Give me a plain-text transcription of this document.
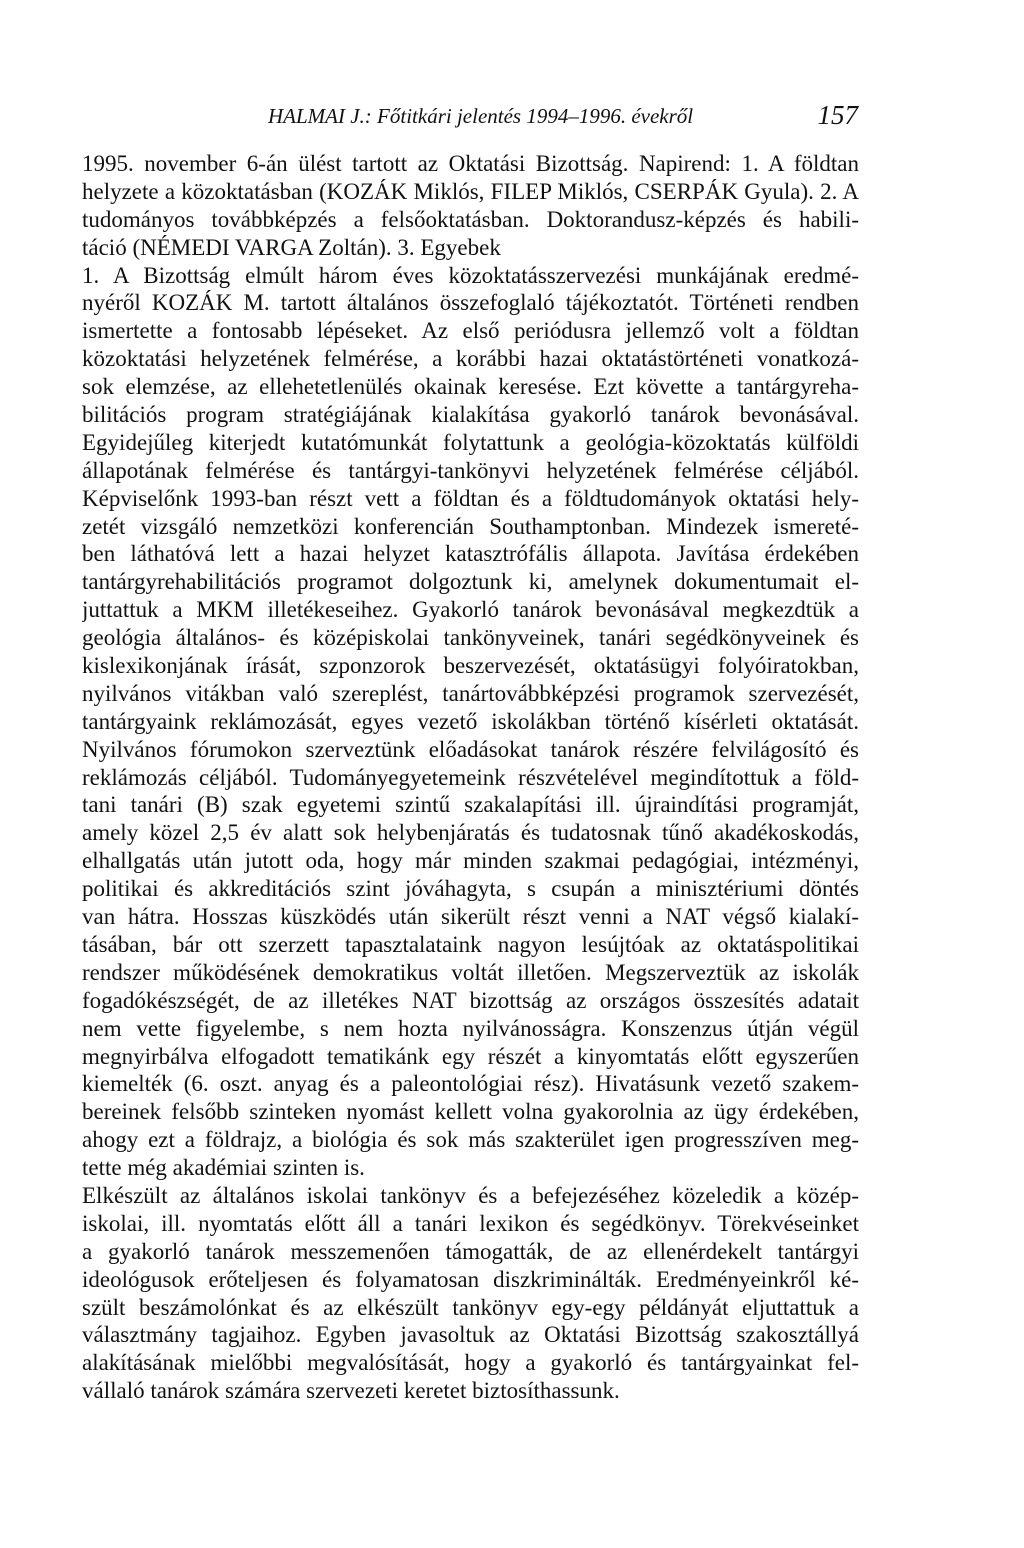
HALMAI J.: Főtitkári jelentés 1994–1996. évekről	157

1995. november 6-án ülést tartott az Oktatási Bizottság. Napirend: 1. A földtan
helyzete a közoktatásban (KOZÁK Miklós, FILEP Miklós, CSERPÁK Gyula). 2. A
tudományos továbbképzés a felsőoktatásban. Doktorandusz-képzés és habili-
táció (NÉMEDI VARGA Zoltán). 3. Egyebek

1. A Bizottság elmúlt három éves közoktatásszervezési munkájának eredmé-
nyéről KOZÁK M. tartott általános összefoglaló tájékoztatót. Történeti rendben
ismertette a fontosabb lépéseket. Az első periódusra jellemző volt a földtan
közoktatási helyzetének felmérése, a korábbi hazai oktatástörténeti vonatkozá-
sok elemzése, az ellehetetlenülés okainak keresése. Ezt követte a tantárgyreha-
bilitációs program stratégiájának kialakítása gyakorló tanárok bevonásával.
Egyidejűleg kiterjedt kutatómunkát folytattunk a geológia-közoktatás külföldi
állapotának felmérése és tantárgyi-tankönyvi helyzetének felmérése céljából.
Képviselőnk 1993-ban részt vett a földtan és a földtudományok oktatási hely-
zetét vizsgáló nemzetközi konferencián Southamptonban. Mindezek ismereté-
ben láthatóvá lett a hazai helyzet katasztrófális állapota. Javítása érdekében
tantárgyrehabilitációs programot dolgoztunk ki, amelynek dokumentumait el-
juttattuk a MKM illetékeseihez. Gyakorló tanárok bevonásával megkezdtük a
geológia általános- és középiskolai tankönyveinek, tanári segédkönyveinek és
kislexikonjának írását, szponzorok beszervezését, oktatásügyi folyóiratokban,
nyilvános vitákban való szereplést, tanártovábbképzési programok szervezését,
tantárgyaink reklámozását, egyes vezető iskolákban történő kísérleti oktatását.
Nyilvános fórumokon szerveztünk előadásokat tanárok részére felvilágosító és
reklámozás céljából. Tudományegyetemeink részvételével megindítottuk a föld-
tani tanári (B) szak egyetemi szintű szakalapítási ill. újraindítási programját,
amely közel 2,5 év alatt sok helybenjáratás és tudatosnak tűnő akadékoskodás,
elhallgatás után jutott oda, hogy már minden szakmai pedagógiai, intézményi,
politikai és akkreditációs szint jóváhagyta, s csupán a minisztériumi döntés
van hátra. Hosszas küszködés után sikerült részt venni a NAT végső kialakí-
tásában, bár ott szerzett tapasztalataink nagyon lesújtóak az oktatáspolitikai
rendszer működésének demokratikus voltát illetően. Megszerveztük az iskolák
fogadókészségét, de az illetékes NAT bizottság az országos összesítés adatait
nem vette figyelembe, s nem hozta nyilvánosságra. Konszenzus útján végül
megnyirbálva elfogadott tematikánk egy részét a kinyomtatás előtt egyszerűen
kiemelték (6. oszt. anyag és a paleontológiai rész). Hivatásunk vezető szakem-
bereinek felsőbb szinteken nyomást kellett volna gyakorolnia az ügy érdekében,
ahogy ezt a földrajz, a biológia és sok más szakterület igen progresszíven meg-
tette még akadémiai szinten is.

Elkészült az általános iskolai tankönyv és a befejezéséhez közeledik a közép-
iskolai, ill. nyomtatás előtt áll a tanári lexikon és segédkönyv. Törekvéseinket
a gyakorló tanárok messzemenően támogatták, de az ellenérdekelt tantárgyi
ideológusok erőteljesen és folyamatosan diszkriminálták. Eredményeinkről ké-
szült beszámolónkat és az elkészült tankönyv egy-egy példányát eljuttattuk a
választmány tagjaihoz. Egyben javasoltuk az Oktatási Bizottság szakosztállyá
alakításának mielőbbi megvalósítását, hogy a gyakorló és tantárgyainkat fel-
vállaló tanárok számára szervezeti keretet biztosíthassunk.
